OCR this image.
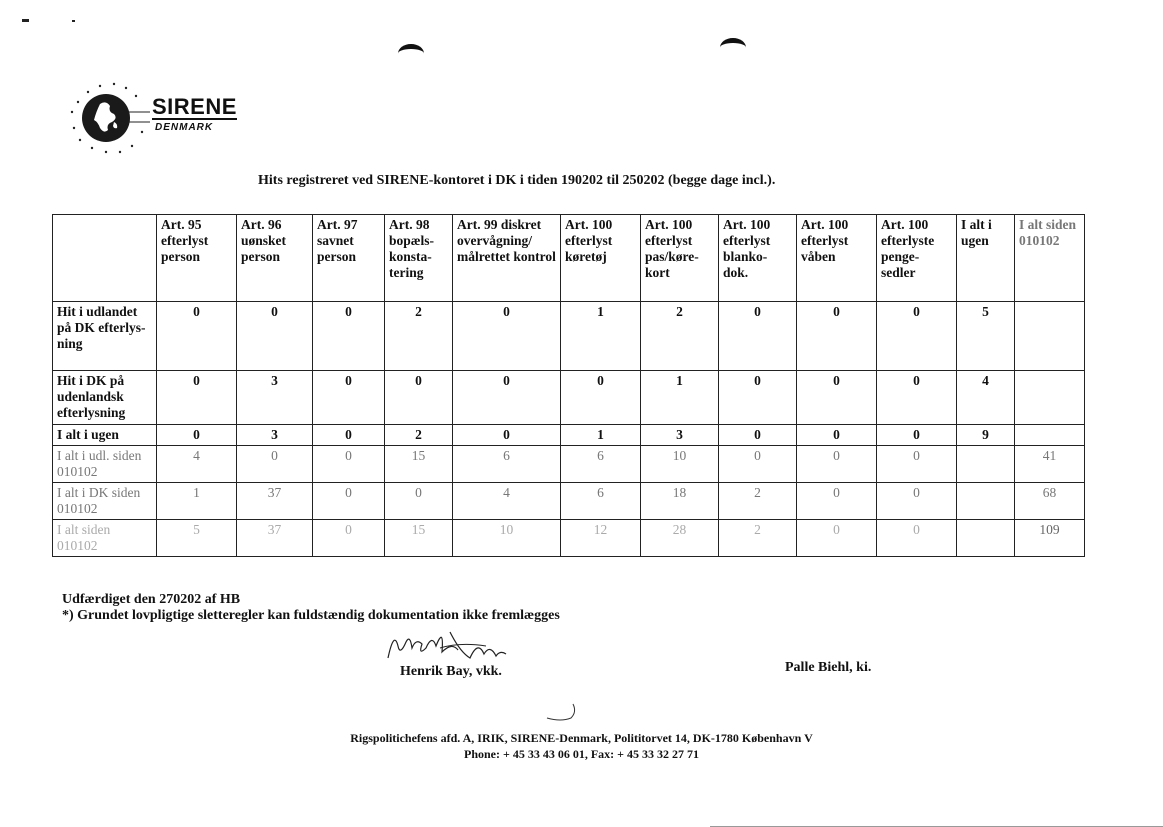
SIRENE
DENMARK
Hits registreret ved SIRENE-kontoret i DK i tiden 190202 til 250202 (begge dage incl.).
	Art. 95 efterlyst person	Art. 96 uønsket person	Art. 97 savnet person	Art. 98 bopæls-konsta-tering	Art. 99 diskret overvågning/ målrettet kontrol	Art. 100 efterlyst køretøj	Art. 100 efterlyst pas/køre-kort	Art. 100 efterlyst blanko-dok.	Art. 100 efterlyst våben	Art. 100 efterlyste penge-sedler	I alt i ugen	I alt siden 010102
Hit i udlandet på DK efterlys-ning	0	0	0	2	0	1	2	0	0	0	5	
Hit i DK på udenlandsk efterlysning	0	3	0	0	0	0	1	0	0	0	4	
I alt i ugen	0	3	0	2	0	1	3	0	0	0	9	
I alt i udl. siden 010102	4	0	0	15	6	6	10	0	0	0		41
I alt i DK siden 010102	1	37	0	0	4	6	18	2	0	0		68
I alt siden 010102	5	37	0	15	10	12	28	2	0	0		109
Udfærdiget den 270202 af HB
*) Grundet lovpligtige sletteregler kan fuldstændig dokumentation ikke fremlægges
Henrik Bay, vkk.	Palle Biehl, ki.
Rigspolitichefens afd. A, IRIK, SIRENE-Denmark, Polititorvet 14, DK-1780 København V
Phone: + 45 33 43 06 01, Fax: + 45 33 32 27 71
